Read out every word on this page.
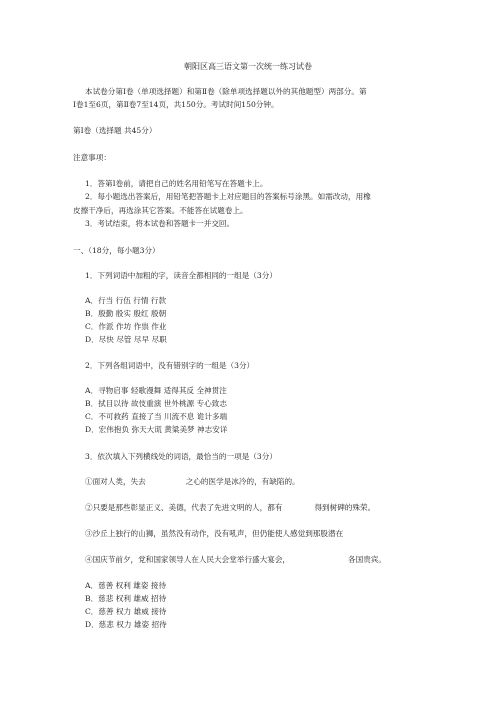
朝阳区高三语文第一次统一练习试卷
本试卷分第Ⅰ卷（单项选择题）和第Ⅱ卷（除单项选择题以外的其他题型）两部分。第
Ⅰ卷1至6页，第Ⅱ卷7至14页，共150分。考试时间150分钟。
第Ⅰ卷（选择题 共45分）
注意事项：
1．答第Ⅰ卷前，请把自己的姓名用铅笔写在答题卡上。
2．每小题选出答案后，用铅笔把答题卡上对应题目的答案标号涂黑。如需改动，用橡
皮擦干净后，再选涂其它答案。不能答在试题卷上。
3．考试结束，将本试卷和答题卡一并交回。
一、（18分，每小题3分）
1．下列词语中加粗的字，读音全都相同的一组是（3分）
A．行当 行伍 行情 行款
B．殷勤 殷实 殷红 殷朝
C．作派 作坊 作祟 作业
D．尽快 尽管 尽早 尽职
2．下列各组词语中，没有错别字的一组是（3分）
A．寻物启事 轻歌漫舞 适得其反 全神贯注
B．拭目以待 故伎重演 世外桃源 专心致志
C．不可救药 直接了当 川流不息 诡计多端
D．宏伟抱负 弥天大谎 黄粱美梦 神志安详
3．依次填入下列横线处的词语，最恰当的一项是（3分）
①面对人类，失去	之心的医学是冰冷的，有缺陷的。
②只要是那些彰显正义、美德，代表了先进文明的人，都有	得到树碑的殊荣。
③沙丘上独行的山狮，虽然没有动作，没有吼声，但仍能使人感觉到那股潜在
④国庆节前夕，党和国家领导人在人民大会堂举行盛大宴会，	各国贵宾。
A．慈善 权利 雄姿 接待
B．慈悲 权利 雄威 招待
C．慈善 权力 雄威 接待
D．慈悲 权力 雄姿 招待
